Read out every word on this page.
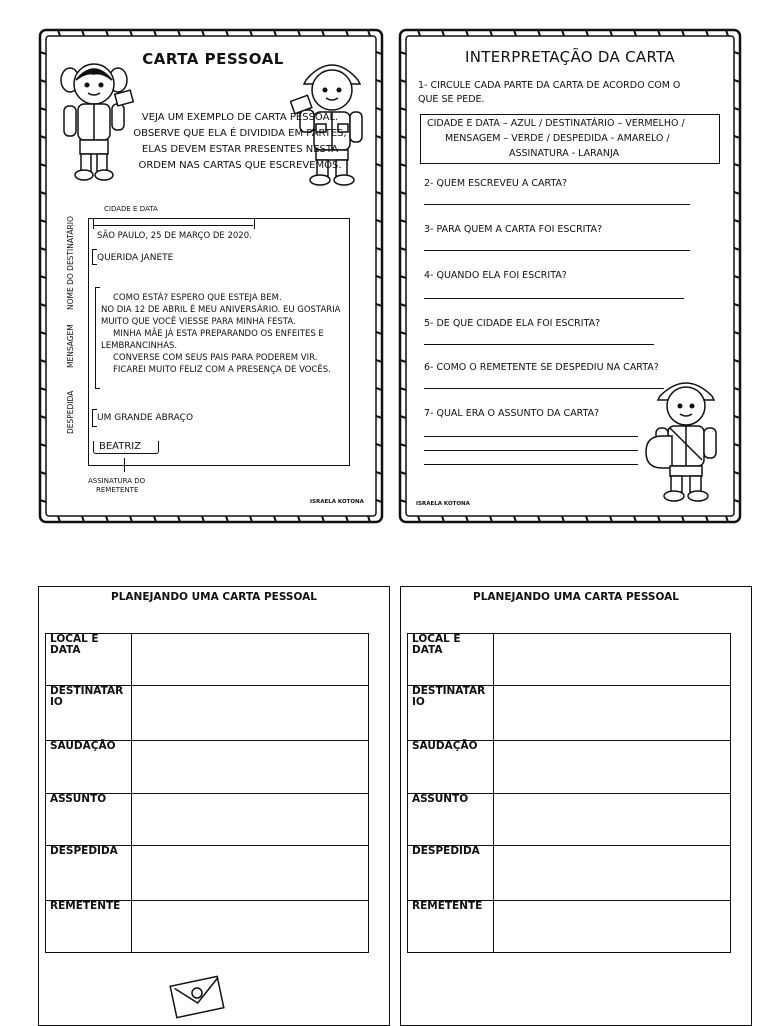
CARTA PESSOAL
VEJA UM EXEMPLO DE CARTA PESSOAL. OBSERVE QUE ELA É DIVIDIDA EM PARTES, ELAS DEVEM ESTAR PRESENTES NESTA ORDEM NAS CARTAS QUE ESCREVEMOS.
NOME DO DESTINATÁRIO
MENSAGEM
DESPEDIDA
CIDADE E DATA
SÃO PAULO, 25 DE MARÇO DE 2020.
QUERIDA JANETE
COMO ESTÁ? ESPERO QUE ESTEJA BEM.
NO DIA 12 DE ABRIL É MEU ANIVERSÁRIO. EU GOSTARIA
MUITO QUE VOCÊ VIESSE PARA MINHA FESTA.
MINHA MÃE JÁ ESTA PREPARANDO OS ENFEITES E
LEMBRANCINHAS.
CONVERSE COM SEUS PAIS PARA PODEREM VIR.
FICAREI MUITO FELIZ COM A PRESENÇA DE VOCÊS.
UM GRANDE ABRAÇO
BEATRIZ
ASSINATURA DO
REMETENTE
ISRAELA KOTONA
INTERPRETAÇÃO DA CARTA
1- CIRCULE CADA PARTE DA CARTA DE ACORDO COM O
QUE SE PEDE.
CIDADE E DATA – AZUL / DESTINATÁRIO – VERMELHO /
MENSAGEM – VERDE / DESPEDIDA - AMARELO /
ASSINATURA - LARANJA
2- QUEM ESCREVEU A CARTA?
3- PARA QUEM A CARTA FOI ESCRITA?
4- QUANDO ELA FOI ESCRITA?
5- DE QUE CIDADE ELA FOI ESCRITA?
6- COMO O REMETENTE SE DESPEDIU NA CARTA?
7- QUAL ERA O ASSUNTO DA CARTA?
ISRAELA KOTONA
PLANEJANDO UMA CARTA PESSOAL
LOCAL E
DATA	
DESTINATAR
IO	
SAUDAÇÃO	
ASSUNTO	
DESPEDIDA	
REMETENTE	
PLANEJANDO UMA CARTA PESSOAL
LOCAL E
DATA	
DESTINATAR
IO	
SAUDAÇÃO	
ASSUNTO	
DESPEDIDA	
REMETENTE	
